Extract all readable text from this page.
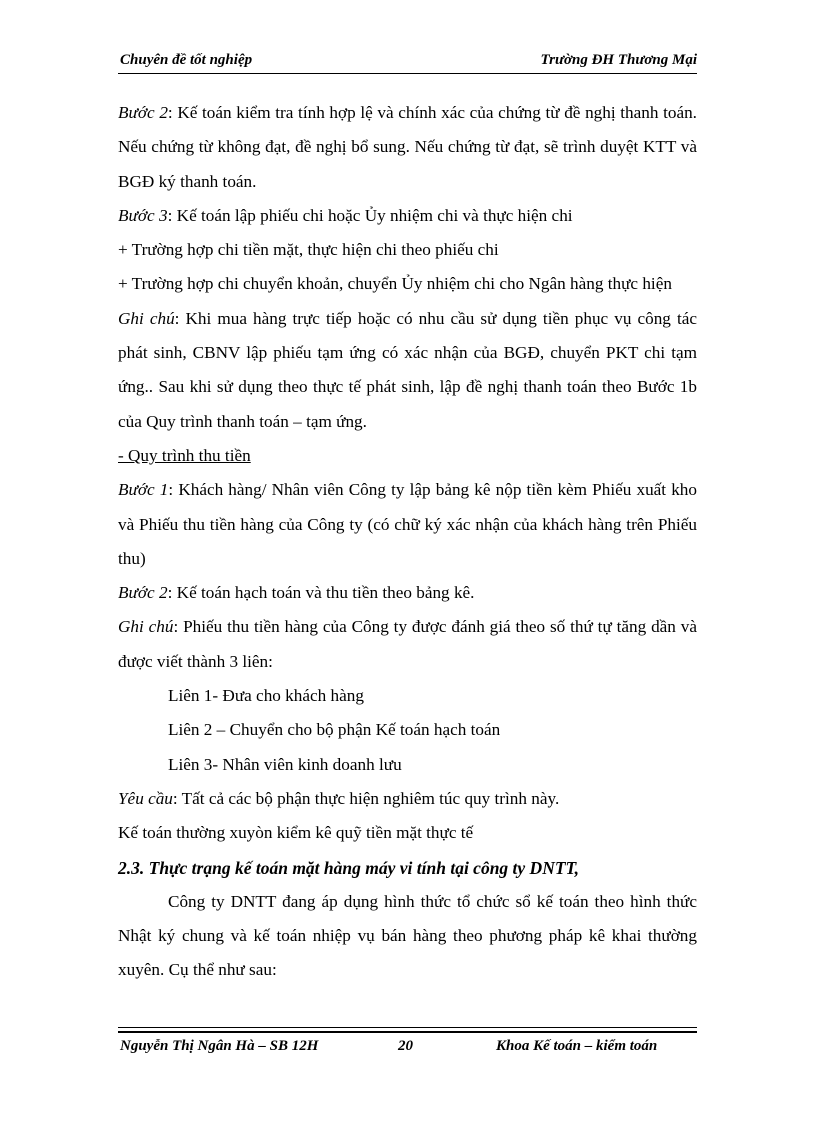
Chuyên đề tốt nghiệp	Trường ĐH Thương Mại

Bước 2: Kế toán kiểm tra tính hợp lệ và chính xác của chứng từ đề nghị thanh toán. Nếu chứng từ không đạt, đề nghị bổ sung. Nếu chứng từ đạt, sẽ trình duyệt KTT và BGĐ ký thanh toán.

Bước 3: Kế toán lập phiếu chi hoặc Ủy nhiệm chi và thực hiện chi

+ Trường hợp chi tiền mặt, thực hiện chi theo phiếu chi

+ Trường hợp chi chuyển khoản, chuyển Ủy nhiệm chi cho Ngân hàng thực hiện

Ghi chú: Khi mua hàng trực tiếp hoặc có nhu cầu sử dụng tiền phục vụ công tác phát sinh, CBNV lập phiếu tạm ứng có xác nhận của BGĐ, chuyển PKT chi tạm ứng.. Sau khi sử dụng theo thực tế phát sinh, lập đề nghị thanh toán theo Bước 1b của Quy trình thanh toán – tạm ứng.

- Quy trình thu tiền

Bước 1: Khách hàng/ Nhân viên Công ty lập bảng kê nộp tiền kèm Phiếu xuất kho và Phiếu thu tiền hàng của Công ty (có chữ ký xác nhận của khách hàng trên Phiếu thu)

Bước 2: Kế toán hạch toán và thu tiền theo bảng kê.

Ghi chú: Phiếu thu tiền hàng của Công ty được đánh giá theo số thứ tự tăng dần và được viết thành 3 liên:

Liên 1- Đưa cho khách hàng

Liên 2 – Chuyển cho bộ phận Kế toán hạch toán

Liên 3- Nhân viên kinh doanh lưu

Yêu cầu: Tất cả các bộ phận thực hiện nghiêm túc quy trình này.

Kế toán thường xuyòn kiểm kê quỹ tiền mặt thực tế

2.3. Thực trạng kế toán mặt hàng máy vi tính tại công ty DNTT,

Công ty DNTT đang áp dụng hình thức tổ chức sổ kế toán theo hình thức Nhật ký chung và kế toán nhiệp vụ bán hàng theo phương pháp kê khai thường xuyên. Cụ thể như sau:

Nguyễn Thị Ngân Hà – SB 12H	20	Khoa Kế toán – kiểm toán
